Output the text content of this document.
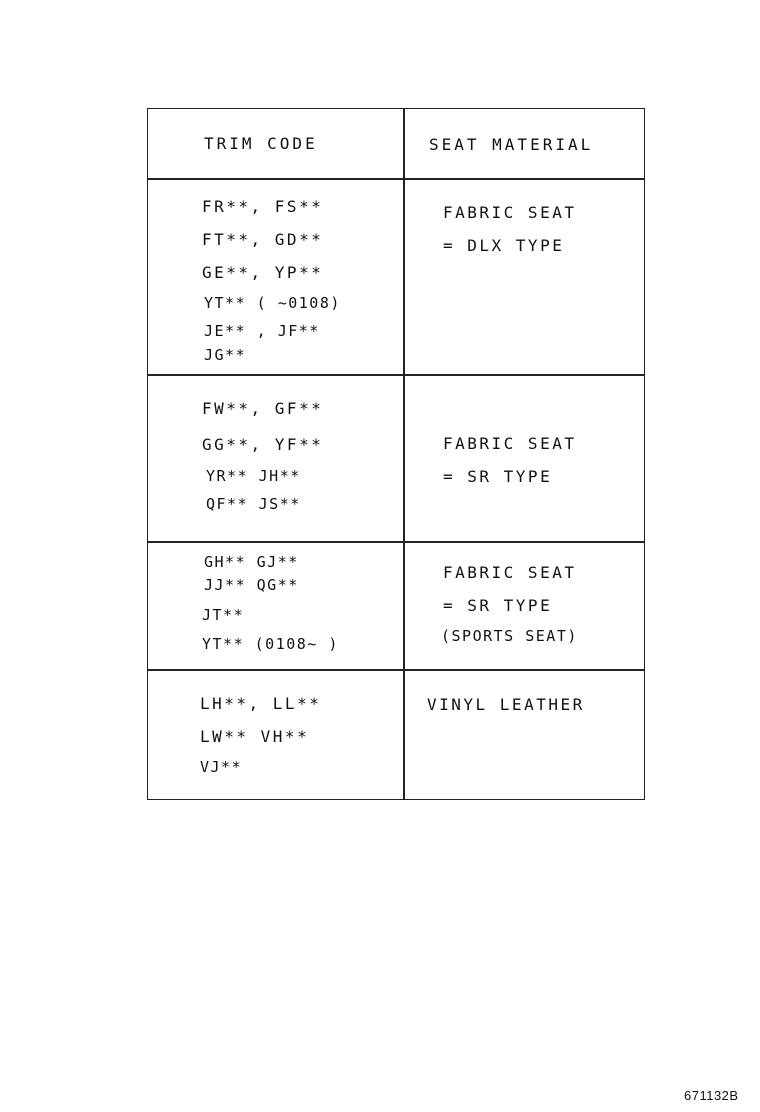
TRIM CODE	SEAT MATERIAL
FR**, FS**
FT**, GD**
GE**, YP**
YT** ( ~0108)
JE** , JF**
JG**
FABRIC SEAT
= DLX TYPE
FW**, GF**
GG**, YF**
YR** JH**
QF** JS**
FABRIC SEAT
= SR TYPE
GH** GJ**
JJ** QG**
JT**
YT** (0108~ )
FABRIC SEAT
= SR TYPE
(SPORTS SEAT)
LH**, LL**
LW** VH**
VJ**
VINYL LEATHER
671132B
